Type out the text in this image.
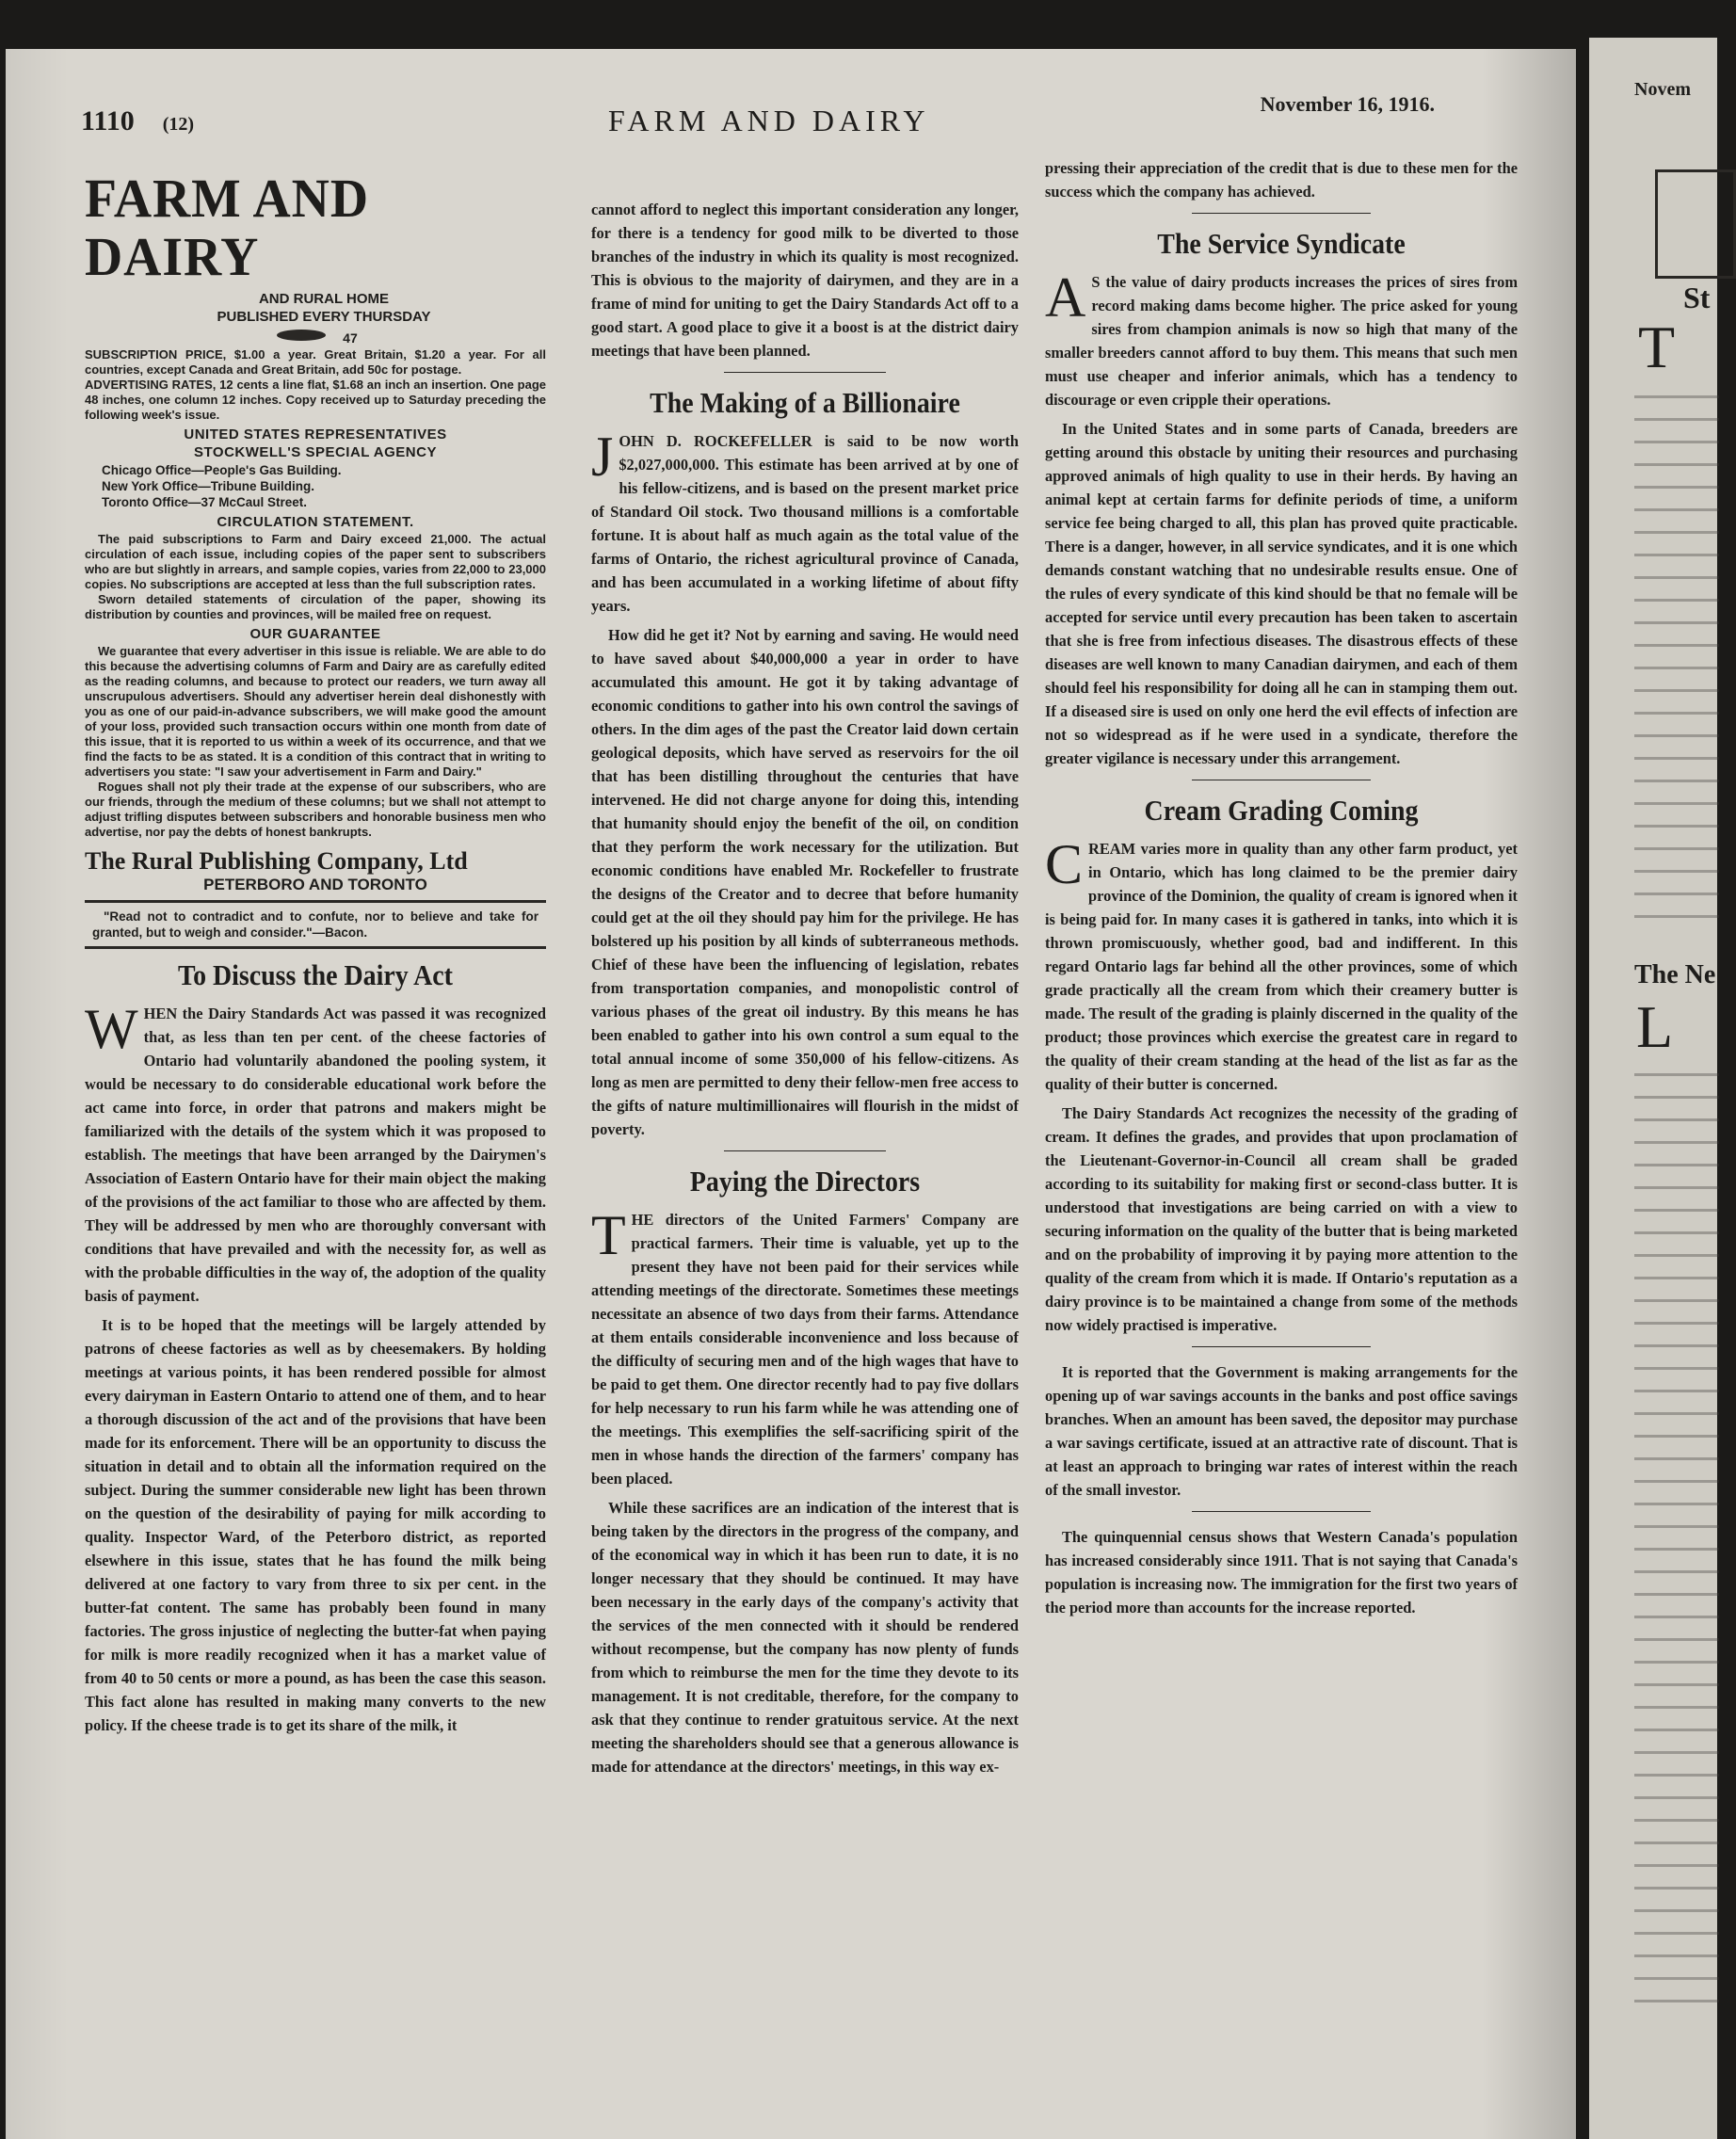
1110 (12)	FARM AND DAIRY	November 16, 1916.
FARM AND DAIRY

AND RURAL HOME

PUBLISHED EVERY THURSDAY

47

SUBSCRIPTION PRICE, $1.00 a year. Great Britain, $1.20 a year. For all countries, except Canada and Great Britain, add 50c for postage.

ADVERTISING RATES, 12 cents a line flat, $1.68 an inch an insertion. One page 48 inches, one column 12 inches. Copy received up to Saturday preceding the following week's issue.

UNITED STATES REPRESENTATIVES
STOCKWELL'S SPECIAL AGENCY

Chicago Office—People's Gas Building.

New York Office—Tribune Building.

Toronto Office—37 McCaul Street.

CIRCULATION STATEMENT.

The paid subscriptions to Farm and Dairy exceed 21,000. The actual circulation of each issue, including copies of the paper sent to subscribers who are but slightly in arrears, and sample copies, varies from 22,000 to 23,000 copies. No subscriptions are accepted at less than the full subscription rates.

Sworn detailed statements of circulation of the paper, showing its distribution by counties and provinces, will be mailed free on request.

OUR GUARANTEE

We guarantee that every advertiser in this issue is reliable. We are able to do this because the advertising columns of Farm and Dairy are as carefully edited as the reading columns, and because to protect our readers, we turn away all unscrupulous advertisers. Should any advertiser herein deal dishonestly with you as one of our paid-in-advance subscribers, we will make good the amount of your loss, provided such transaction occurs within one month from date of this issue, that it is reported to us within a week of its occurrence, and that we find the facts to be as stated. It is a condition of this contract that in writing to advertisers you state: "I saw your advertisement in Farm and Dairy."

Rogues shall not ply their trade at the expense of our subscribers, who are our friends, through the medium of these columns; but we shall not attempt to adjust trifling disputes between subscribers and honorable business men who advertise, nor pay the debts of honest bankrupts.

The Rural Publishing Company, Ltd
PETERBORO AND TORONTO

"Read not to contradict and to confute, nor to believe and take for granted, but to weigh and consider."—Bacon.

To Discuss the Dairy Act

WHEN the Dairy Standards Act was passed it was recognized that, as less than ten per cent. of the cheese factories of Ontario had voluntarily abandoned the pooling system, it would be necessary to do considerable educational work before the act came into force, in order that patrons and makers might be familiarized with the details of the system which it was proposed to establish. The meetings that have been arranged by the Dairymen's Association of Eastern Ontario have for their main object the making of the provisions of the act familiar to those who are affected by them. They will be addressed by men who are thoroughly conversant with conditions that have prevailed and with the necessity for, as well as with the probable difficulties in the way of, the adoption of the quality basis of payment.

It is to be hoped that the meetings will be largely attended by patrons of cheese factories as well as by cheesemakers. By holding meetings at various points, it has been rendered possible for almost every dairyman in Eastern Ontario to attend one of them, and to hear a thorough discussion of the act and of the provisions that have been made for its enforcement. There will be an opportunity to discuss the situation in detail and to obtain all the information required on the subject. During the summer considerable new light has been thrown on the question of the desirability of paying for milk according to quality. Inspector Ward, of the Peterboro district, as reported elsewhere in this issue, states that he has found the milk being delivered at one factory to vary from three to six per cent. in the butter-fat content. The same has probably been found in many factories. The gross injustice of neglecting the butter-fat when paying for milk is more readily recognized when it has a market value of from 40 to 50 cents or more a pound, as has been the case this season. This fact alone has resulted in making many converts to the new policy. If the cheese trade is to get its share of the milk, it

cannot afford to neglect this important consideration any longer, for there is a tendency for good milk to be diverted to those branches of the industry in which its quality is most recognized. This is obvious to the majority of dairymen, and they are in a frame of mind for uniting to get the Dairy Standards Act off to a good start. A good place to give it a boost is at the district dairy meetings that have been planned.

The Making of a Billionaire

JOHN D. ROCKEFELLER is said to be now worth $2,027,000,000. This estimate has been arrived at by one of his fellow-citizens, and is based on the present market price of Standard Oil stock. Two thousand millions is a comfortable fortune. It is about half as much again as the total value of the farms of Ontario, the richest agricultural province of Canada, and has been accumulated in a working lifetime of about fifty years.

How did he get it? Not by earning and saving. He would need to have saved about $40,000,000 a year in order to have accumulated this amount. He got it by taking advantage of economic conditions to gather into his own control the savings of others. In the dim ages of the past the Creator laid down certain geological deposits, which have served as reservoirs for the oil that has been distilling throughout the centuries that have intervened. He did not charge anyone for doing this, intending that humanity should enjoy the benefit of the oil, on condition that they perform the work necessary for the utilization. But economic conditions have enabled Mr. Rockefeller to frustrate the designs of the Creator and to decree that before humanity could get at the oil they should pay him for the privilege. He has bolstered up his position by all kinds of subterraneous methods. Chief of these have been the influencing of legislation, rebates from transportation companies, and monopolistic control of various phases of the great oil industry. By this means he has been enabled to gather into his own control a sum equal to the total annual income of some 350,000 of his fellow-citizens. As long as men are permitted to deny their fellow-men free access to the gifts of nature multimillionaires will flourish in the midst of poverty.

Paying the Directors

THE directors of the United Farmers' Company are practical farmers. Their time is valuable, yet up to the present they have not been paid for their services while attending meetings of the directorate. Sometimes these meetings necessitate an absence of two days from their farms. Attendance at them entails considerable inconvenience and loss because of the difficulty of securing men and of the high wages that have to be paid to get them. One director recently had to pay five dollars for help necessary to run his farm while he was attending one of the meetings. This exemplifies the self-sacrificing spirit of the men in whose hands the direction of the farmers' company has been placed.

While these sacrifices are an indication of the interest that is being taken by the directors in the progress of the company, and of the economical way in which it has been run to date, it is no longer necessary that they should be continued. It may have been necessary in the early days of the company's activity that the services of the men connected with it should be rendered without recompense, but the company has now plenty of funds from which to reimburse the men for the time they devote to its management. It is not creditable, therefore, for the company to ask that they continue to render gratuitous service. At the next meeting the shareholders should see that a generous allowance is made for attendance at the directors' meetings, in this way ex-

pressing their appreciation of the credit that is due to these men for the success which the company has achieved.

The Service Syndicate

A S the value of dairy products increases the prices of sires from record making dams become higher. The price asked for young sires from champion animals is now so high that many of the smaller breeders cannot afford to buy them. This means that such men must use cheaper and inferior animals, which has a tendency to discourage or even cripple their operations.

In the United States and in some parts of Canada, breeders are getting around this obstacle by uniting their resources and purchasing approved animals of high quality to use in their herds. By having an animal kept at certain farms for definite periods of time, a uniform service fee being charged to all, this plan has proved quite practicable. There is a danger, however, in all service syndicates, and it is one which demands constant watching that no undesirable results ensue. One of the rules of every syndicate of this kind should be that no female will be accepted for service until every precaution has been taken to ascertain that she is free from infectious diseases. The disastrous effects of these diseases are well known to many Canadian dairymen, and each of them should feel his responsibility for doing all he can in stamping them out. If a diseased sire is used on only one herd the evil effects of infection are not so widespread as if he were used in a syndicate, therefore the greater vigilance is necessary under this arrangement.

Cream Grading Coming

CREAM varies more in quality than any other farm product, yet in Ontario, which has long claimed to be the premier dairy province of the Dominion, the quality of cream is ignored when it is being paid for. In many cases it is gathered in tanks, into which it is thrown promiscuously, whether good, bad and indifferent. In this regard Ontario lags far behind all the other provinces, some of which grade practically all the cream from which their creamery butter is made. The result of the grading is plainly discerned in the quality of the product; those provinces which exercise the greatest care in regard to the quality of their cream standing at the head of the list as far as the quality of their butter is concerned.

The Dairy Standards Act recognizes the necessity of the grading of cream. It defines the grades, and provides that upon proclamation of the Lieutenant-Governor-in-Council all cream shall be graded according to its suitability for making first or second-class butter. It is understood that investigations are being carried on with a view to securing information on the quality of the butter that is being marketed and on the probability of improving it by paying more attention to the quality of the cream from which it is made. If Ontario's reputation as a dairy province is to be maintained a change from some of the methods now widely practised is imperative.

It is reported that the Government is making arrangements for the opening up of war savings accounts in the banks and post office savings branches. When an amount has been saved, the depositor may purchase a war savings certificate, issued at an attractive rate of discount. That is at least an approach to bringing war rates of interest within the reach of the small investor.

The quinquennial census shows that Western Canada's population has increased considerably since 1911. That is not saying that Canada's population is increasing now. The immigration for the first two years of the period more than accounts for the increase reported.

Novem
St
T
The Ne
L
